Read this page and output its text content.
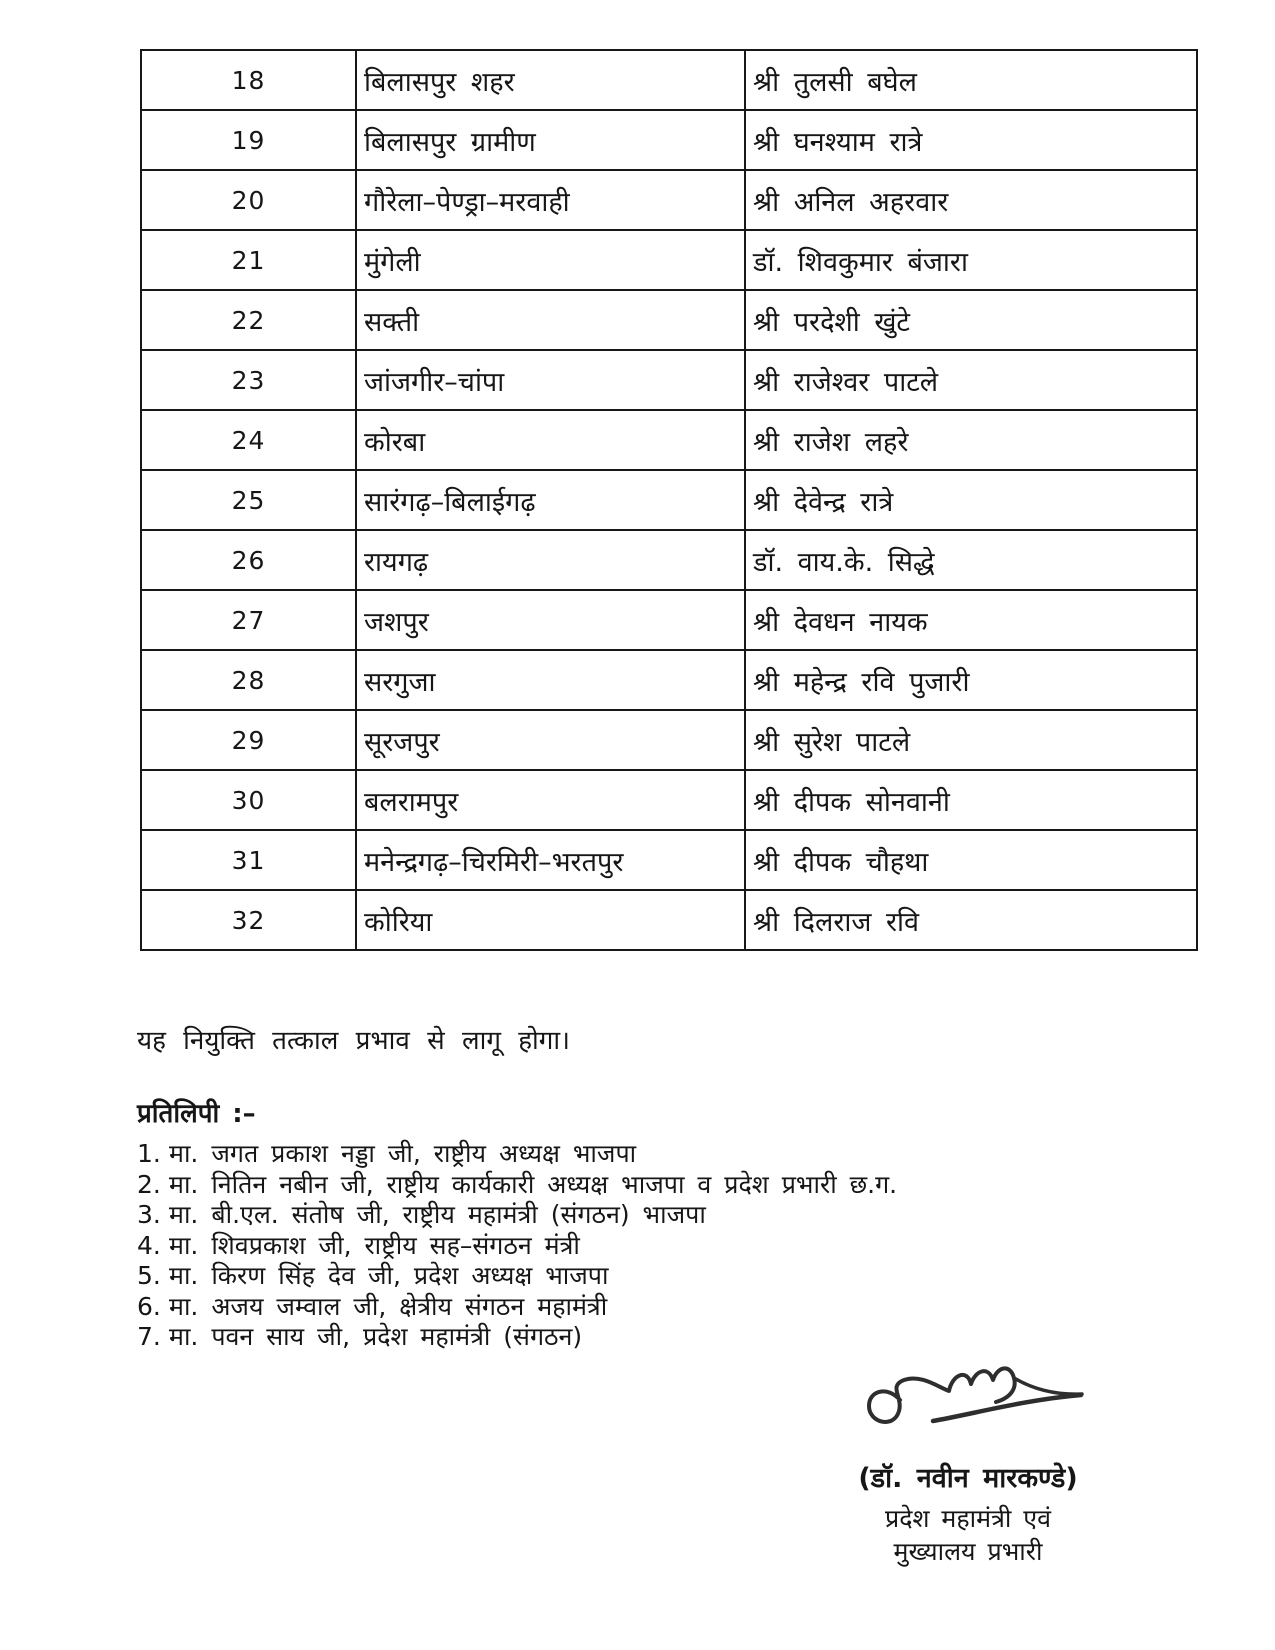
18	बिलासपुर शहर	श्री तुलसी बघेल
19	बिलासपुर ग्रामीण	श्री घनश्याम रात्रे
20	गौरेला–पेण्ड्रा–मरवाही	श्री अनिल अहरवार
21	मुंगेली	डॉ. शिवकुमार बंजारा
22	सक्ती	श्री परदेशी खुंटे
23	जांजगीर–चांपा	श्री राजेश्वर पाटले
24	कोरबा	श्री राजेश लहरे
25	सारंगढ़–बिलाईगढ़	श्री देवेन्द्र रात्रे
26	रायगढ़	डॉ. वाय.के. सिद्धे
27	जशपुर	श्री देवधन नायक
28	सरगुजा	श्री महेन्द्र रवि पुजारी
29	सूरजपुर	श्री सुरेश पाटले
30	बलरामपुर	श्री दीपक सोनवानी
31	मनेन्द्रगढ़–चिरमिरी–भरतपुर	श्री दीपक चौहथा
32	कोरिया	श्री दिलराज रवि
यह नियुक्ति तत्काल प्रभाव से लागू होगा।
प्रतिलिपी :–
1. मा. जगत प्रकाश नड्डा जी, राष्ट्रीय अध्यक्ष भाजपा
2. मा. नितिन नबीन जी, राष्ट्रीय कार्यकारी अध्यक्ष भाजपा व प्रदेश प्रभारी छ.ग.
3. मा. बी.एल. संतोष जी, राष्ट्रीय महामंत्री (संगठन) भाजपा
4. मा. शिवप्रकाश जी, राष्ट्रीय सह–संगठन मंत्री
5. मा. किरण सिंह देव जी, प्रदेश अध्यक्ष भाजपा
6. मा. अजय जम्वाल जी, क्षेत्रीय संगठन महामंत्री
7. मा. पवन साय जी, प्रदेश महामंत्री (संगठन)
(डॉ. नवीन मारकण्डे)
प्रदेश महामंत्री एवं
मुख्यालय प्रभारी
